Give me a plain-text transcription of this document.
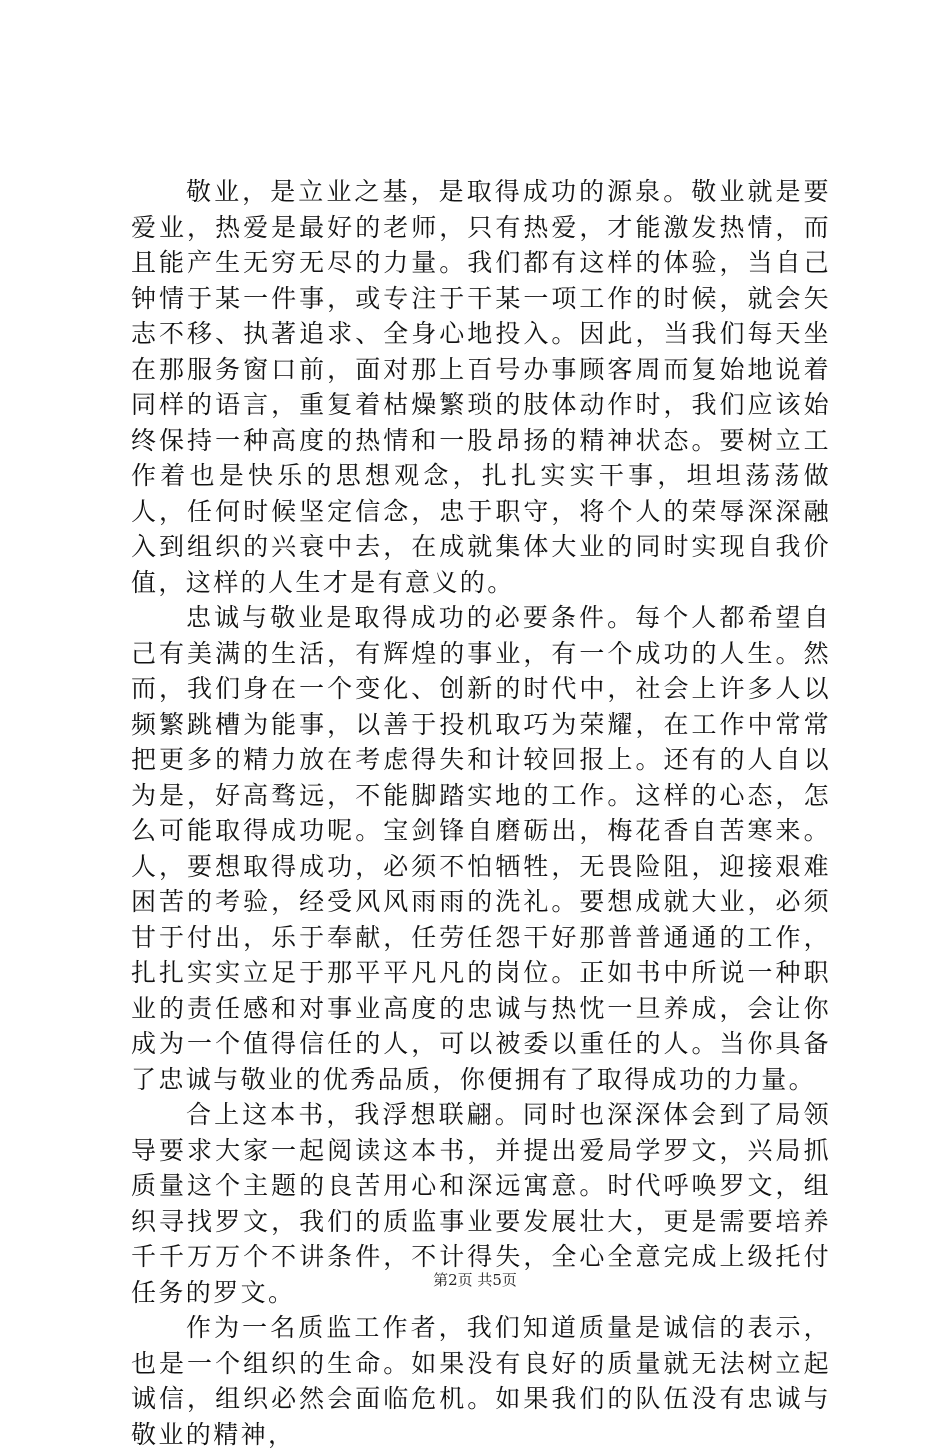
敬业，是立业之基，是取得成功的源泉。敬业就是要爱业，热爱是最好的老师，只有热爱，才能激发热情，而且能产生无穷无尽的力量。我们都有这样的体验，当自己钟情于某一件事，或专注于干某一项工作的时候，就会矢志不移、执著追求、全身心地投入。因此，当我们每天坐在那服务窗口前，面对那上百号办事顾客周而复始地说着同样的语言，重复着枯燥繁琐的肢体动作时，我们应该始终保持一种高度的热情和一股昂扬的精神状态。要树立工作着也是快乐的思想观念，扎扎实实干事，坦坦荡荡做人，任何时候坚定信念，忠于职守，将个人的荣辱深深融入到组织的兴衰中去，在成就集体大业的同时实现自我价值，这样的人生才是有意义的。

忠诚与敬业是取得成功的必要条件。每个人都希望自己有美满的生活，有辉煌的事业，有一个成功的人生。然而，我们身在一个变化、创新的时代中，社会上许多人以频繁跳槽为能事，以善于投机取巧为荣耀，在工作中常常把更多的精力放在考虑得失和计较回报上。还有的人自以为是，好高骛远，不能脚踏实地的工作。这样的心态，怎么可能取得成功呢。宝剑锋自磨砺出，梅花香自苦寒来。人，要想取得成功，必须不怕牺牲，无畏险阻，迎接艰难困苦的考验，经受风风雨雨的洗礼。要想成就大业，必须甘于付出，乐于奉献，任劳任怨干好那普普通通的工作，扎扎实实立足于那平平凡凡的岗位。正如书中所说一种职业的责任感和对事业高度的忠诚与热忱一旦养成，会让你成为一个值得信任的人，可以被委以重任的人。当你具备了忠诚与敬业的优秀品质，你便拥有了取得成功的力量。

合上这本书，我浮想联翩。同时也深深体会到了局领导要求大家一起阅读这本书，并提出爱局学罗文，兴局抓质量这个主题的良苦用心和深远寓意。时代呼唤罗文，组织寻找罗文，我们的质监事业要发展壮大，更是需要培养千千万万个不讲条件，不计得失，全心全意完成上级托付任务的罗文。

作为一名质监工作者，我们知道质量是诚信的表示，也是一个组织的生命。如果没有良好的质量就无法树立起诚信，组织必然会面临危机。如果我们的队伍没有忠诚与敬业的精神，

第2页 共5页
